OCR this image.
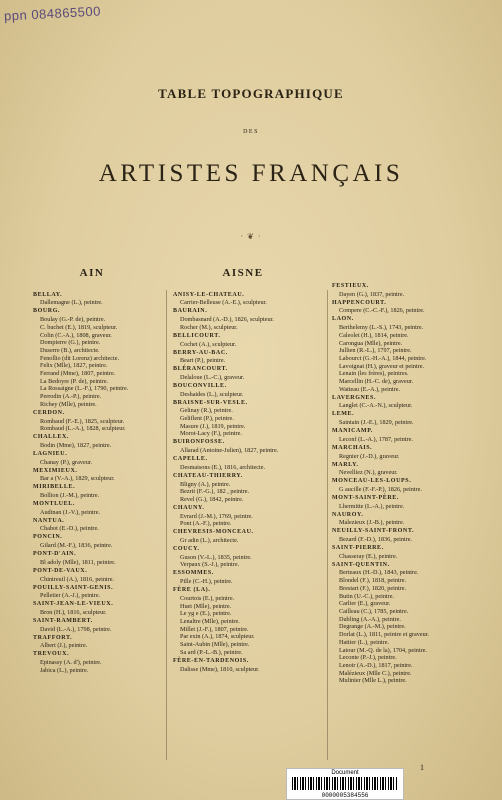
ppn 084865500
TABLE TOPOGRAPHIQUE
DES
ARTISTES FRANÇAIS
· ❦ ·
AIN
BELLAY.
Dallemagne (L.), peintre.
BOURG.
Boulay (G.-P. de), peintre.
C. buchet (E.), 1819, sculpteur.
Colin (C.-A.), 1808, graveur.
Dompierre (G.), peintre.
Duserre (B.), architecte.
Fenollio (dit Lorenz) architecte.
Felix (Mlle), 1827, peintre.
Ferrand (Mme), 1807, peintre.
La Bedoyre (P. de), peintre.
La Rossaigne (L.-F.), 1790, peintre.
Perrodin (A.-P.), peintre.
Richey (Mlle), peintre.
CERDON.
Rombaud (F.-E.), 1825, sculpteur.
Rombaud (L.-A.), 1828, sculpteur.
CHALLEX.
Bodin (Mme), 1827, peintre.
LAGNIEU.
Chanay (P.), graveur.
MEXIMIEUX.
Bar a (V.-A.), 1829, sculpteur.
MIRIBELLE.
Bollion (J.-M.), peintre.
MONTLUEL.
Audinan (J.-V.), peintre.
NANTUA.
Chabot (E.-D.), peintre.
PONCIN.
Gilard (M.-F.), 1836, peintre.
PONT-D'AIN.
Bl adoly (Mlle), 1811, peintre.
PONT-DE-VAUX.
Chintreuil (A.), 1816, peintre.
POUILLY-SAINT-GENIS.
Pelletier (A.-J.), peintre.
SAINT-JEAN-LE-VIEUX.
Bron (H.), 1816, sculpteur.
SAINT-RAMBERT.
David (L.-A.), 1798, peintre.
TRAFFORT.
Albert (J.), peintre.
TREVOUX.
Epinassy (A. d'), peintre.
Jabica (L.), peintre.
AISNE
ANISY-LE-CHATEAU.
Carrier-Belleuse (A.-E.), sculpteur.
BAURAIN.
Dombasnard (A.-D.), 1826, sculpteur.
Rocher (M.), sculpteur.
BELLICOURT.
Cochet (A.), sculpteur.
BERRY-AU-BAC.
Beart (P.), peintre.
BLÉRANCOURT.
Delaloue (L.-C.), graveur.
BOUCONVILLE.
Deshaides (L.), sculpteur.
BRAISNE-SUR-VESLE.
Gelinay (R.), peintre.
Geliflent (P.), peintre.
Masure (J.), 1819, peintre.
Morot-Lacy (F.), peintre.
BUIRONFOSSE.
Allarad (Antoine-Julien), 1827, peintre.
CAPELLE.
Desmaisons (E.), 1816, architecte.
CHATEAU-THIERRY.
Bligny (A.), peintre.
Bezrit (F.-G.), 182 , peintre.
Revel (G.), 1842, peintre.
CHAUNY.
Evrard (J.-M.), 1769, peintre.
Pont (A.-F.), peintre.
CHEVRESIS-MONCEAU.
Gr adin (L.), architecte.
COUCY.
Guson (V.-L.), 1835, peintre.
Verpaux (S.-J.), peintre.
ESSOMMES.
Pille (C.-H.), peintre.
FÈRE (LA).
Courtois (E.), peintre.
Huet (Mlle), peintre.
Le yg e (E.), peintre.
Lenaltre (Mlle), peintre.
Millet (J.-F.), 1807, peintre.
Par exin (A.), 1874, sculpteur.
Saint-Aubin (Mlle), peintre.
Sa ard (P.-L.-B.), peintre.
FÈRE-EN-TARDENOIS.
Dalisse (Mme), 1810, sculpteur.
FESTIEUX.
Dayen (G.), 1837, peintre.
HAPPENCOURT.
Compere (C.-C.-F.), 1826, peintre.
LAON.
Berthelemy (L.-S.), 1743, peintre.
Caleolet (H.), 1814, peintre.
Carongua (Mlle), peintre.
Jullien (R.-L.), 1797, peintre.
Labourct (G.-H.-A.), 1844, peintre.
Lavoignat (H.), graveur et peintre.
Lenain (les frères), peintres.
Marcellin (H.-C. de), graveur.
Watteau (E.-A.), peintre.
LAVERGNES.
Langlet (C.-A.-N.), sculpteur.
LEME.
Saintain (J.-E.), 1829, peintre.
MANICAMP.
Leconf (L.-A.), 1787, peintre.
MARCHAIS.
Regnier (J.-D.), graveur.
MARLY.
Nevelliez (N.), graveur.
MONCEAU-LES-LOUPS.
G aucille (F.-F.-P.), 1826, peintre.
MONT-SAINT-PÈRE.
Lhermitte (L.-A.), peintre.
NAUROY.
Malezieux (J.-B.), peintre.
NEUILLY-SAINT-FRONT.
Bezard (F.-D.), 1836, peintre.
SAINT-PIERRE.
Chasseray (E.), peintre.
SAINT-QUENTIN.
Berteaux (H.-D.), 1843, peintre.
Blondel (F.), 1818, peintre.
Brestart (F.), 1820, peintre.
Butin (U.-C.), peintre.
Carlier (E.), graveur.
Cailleau (C.), 1785, peintre.
Dubling (A.-A.), peintre.
Degrange (A.-M.), peintre.
Dorlat (L.), 1811, peintre et graveur.
Hattier (L.), peintre.
Latour (M.-Q. de la), 1704, peintre.
Leconte (P.-J.), peintre.
Lenoir (A.-D.), 1817, peintre.
Malézieux (Mlle C.), peintre.
Mulinier (Mlle L.), peintre.
1
Document
0000005384556
